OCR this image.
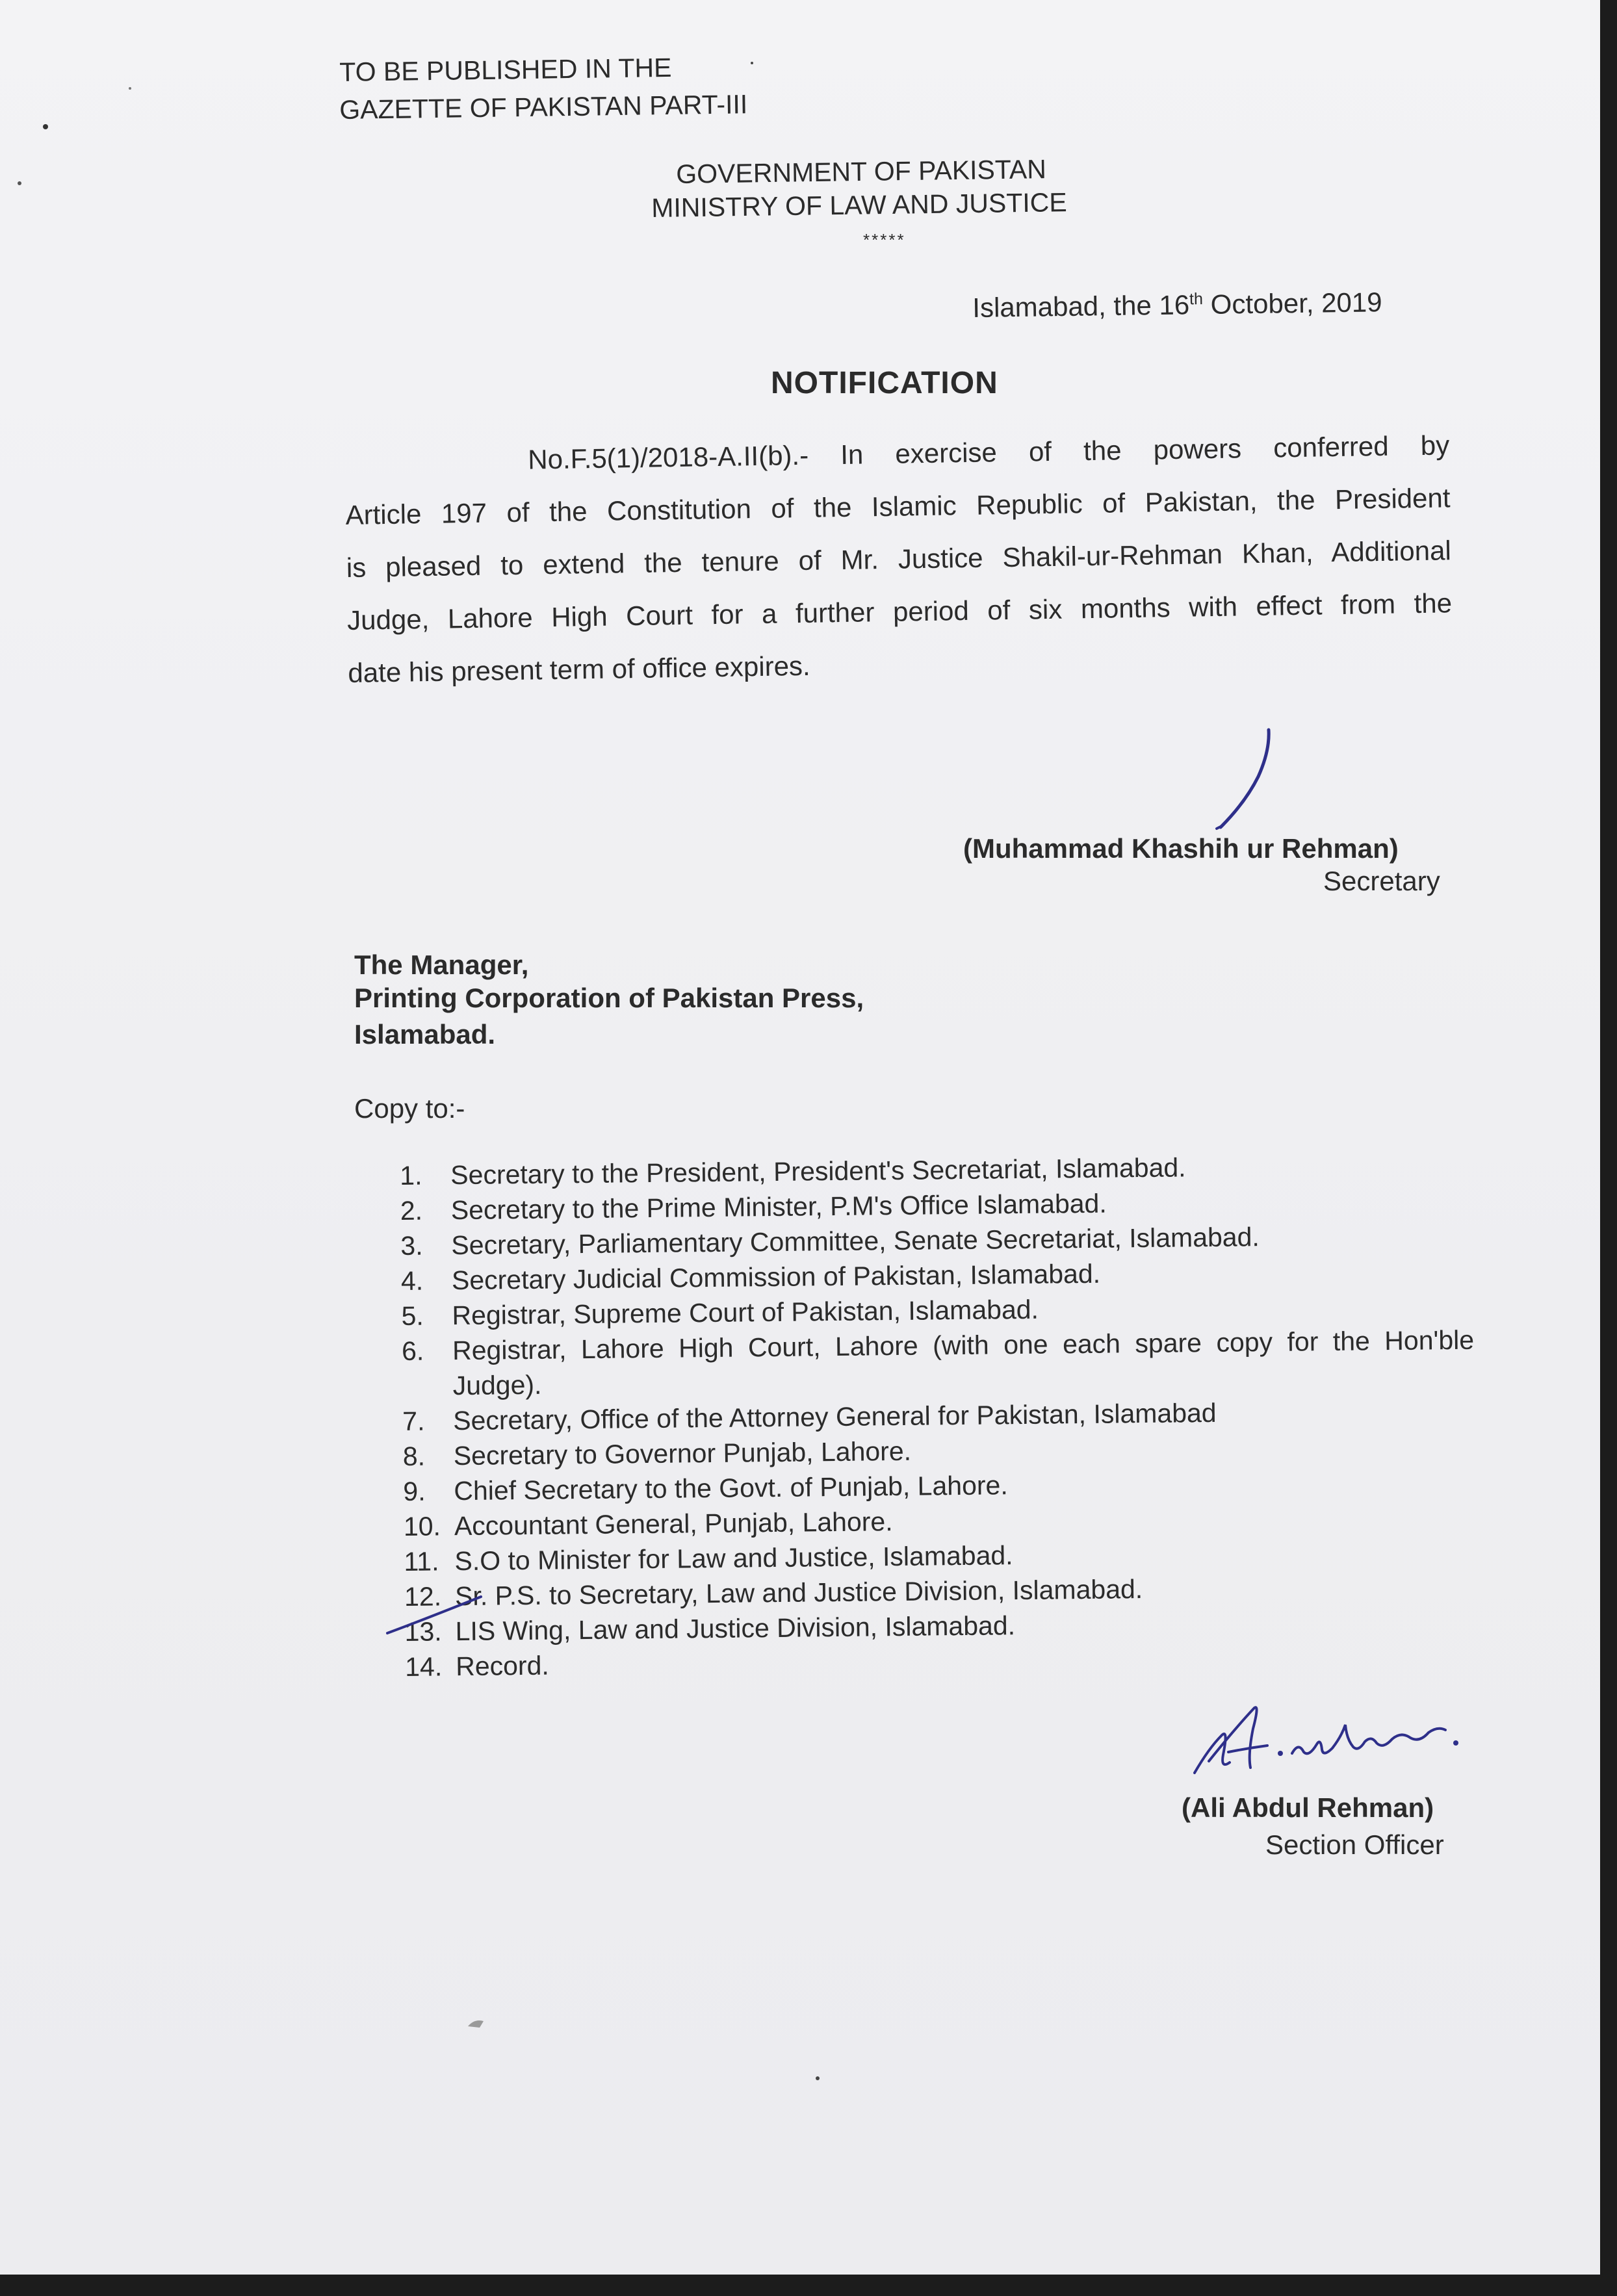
TO BE PUBLISHED IN THE
GAZETTE OF PAKISTAN PART-III
GOVERNMENT OF PAKISTAN
MINISTRY OF LAW AND JUSTICE
*****
Islamabad, the 16th October, 2019
NOTIFICATION
No.F.5(1)/2018-A.II(b).- In exercise of the powers conferred by
Article 197 of the Constitution of the Islamic Republic of Pakistan, the President
is pleased to extend the tenure of Mr. Justice Shakil-ur-Rehman Khan, Additional
Judge, Lahore High Court for a further period of six months with effect from the
date his present term of office expires.
(Muhammad Khashih ur Rehman)
Secretary
The Manager,
Printing Corporation of Pakistan Press,
Islamabad.
Copy to:-
1.	Secretary to the President, President's Secretariat, Islamabad.
2.	Secretary to the Prime Minister, P.M's Office Islamabad.
3.	Secretary, Parliamentary Committee, Senate Secretariat, Islamabad.
4.	Secretary Judicial Commission of Pakistan, Islamabad.
5.	Registrar, Supreme Court of Pakistan, Islamabad.
6.	Registrar, Lahore High Court, Lahore (with one each spare copy for the Hon'ble Judge).
7.	Secretary, Office of the Attorney General for Pakistan, Islamabad
8.	Secretary to Governor Punjab, Lahore.
9.	Chief Secretary to the Govt. of Punjab, Lahore.
10. Accountant General, Punjab, Lahore.
11. S.O to Minister for Law and Justice, Islamabad.
12. Sr. P.S. to Secretary, Law and Justice Division, Islamabad.
13. LIS Wing, Law and Justice Division, Islamabad.
14. Record.
(Ali Abdul Rehman)
Section Officer
